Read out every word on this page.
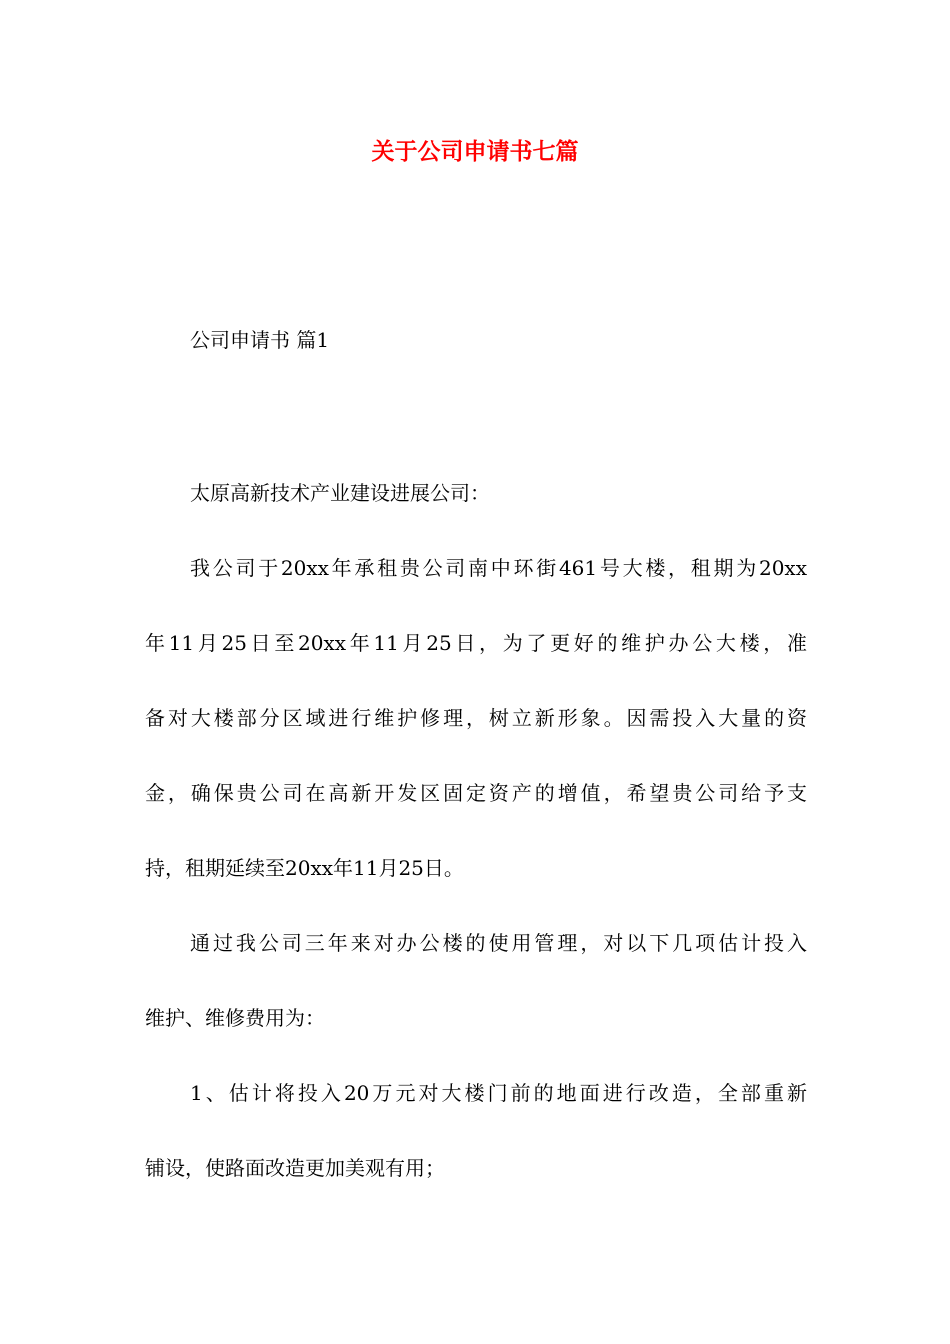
关于公司申请书七篇

公司申请书 篇1

太原高新技术产业建设进展公司：
我公司于20xx年承租贵公司南中环街461号大楼，租期为20xx
年11月25日至20xx年11月25日，为了更好的维护办公大楼，准
备对大楼部分区域进行维护修理，树立新形象。因需投入大量的资
金，确保贵公司在高新开发区固定资产的增值，希望贵公司给予支
持，租期延续至20xx年11月25日。
通过我公司三年来对办公楼的使用管理，对以下几项估计投入
维护、维修费用为：
1、估计将投入20万元对大楼门前的地面进行改造，全部重新
铺设，使路面改造更加美观有用；
